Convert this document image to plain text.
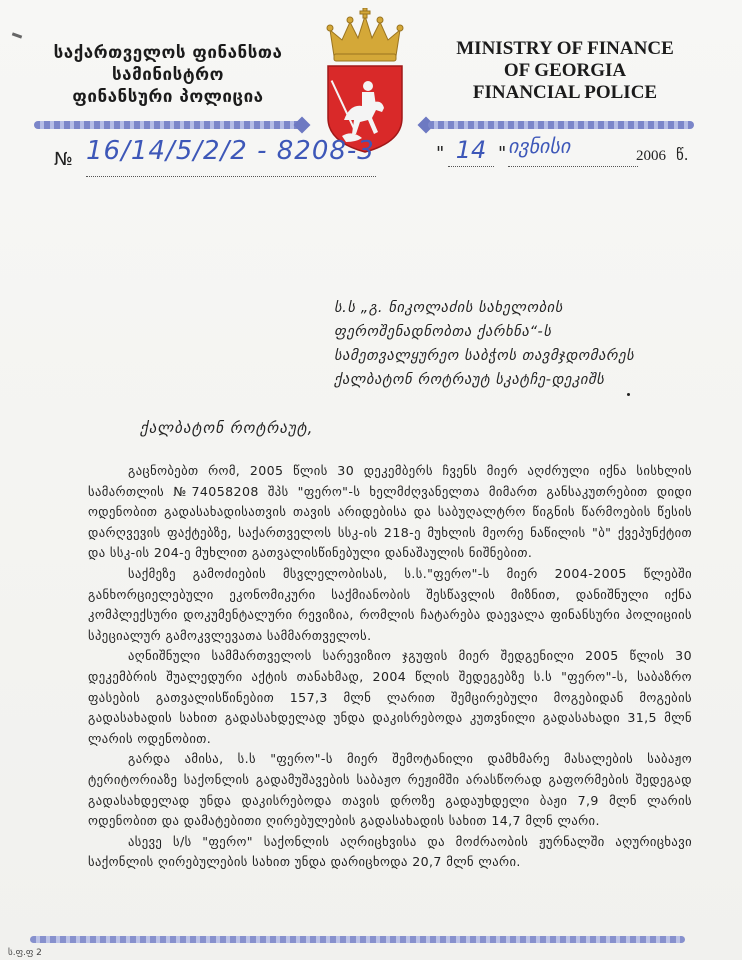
საქართველოს ფინანსთა
სამინისტრო
ფინანსური პოლიცია
MINISTRY OF FINANCE
OF GEORGIA
FINANCIAL POLICE
№ 16/14/5/2/2 - 8208-3	" 14 " ივნისი	2006 წ.
ს.ს „გ. ნიკოლაძის სახელობის
ფეროშენადნობთა ქარხნა“-ს
სამეთვალყურეო საბჭოს თავმჯდომარეს
ქალბატონ როტრაუტ სკატჩე-დეკიშს
ქალბატონ როტრაუტ,

გაცნობებთ რომ, 2005 წლის 30 დეკემბერს ჩვენს მიერ აღძრული იქნა სისხლის სამართლის №74058208 შპს "ფერო"-ს ხელმძღვანელთა მიმართ განსაკუთრებით დიდი ოდენობით გადასახადისათვის თავის არიდებისა და საბუღალტრო წიგნის წარმოების წესის დარღვევის ფაქტებზე, საქართველოს სსკ-ის 218-ე მუხლის მეორე ნაწილის "ბ" ქვეპუნქტით და სსკ-ის 204-ე მუხლით გათვალისწინებული დანაშაულის ნიშნებით.

საქმეზე გამოძიების მსვლელობისას, ს.ს."ფერო"-ს მიერ 2004-2005 წლებში განხორციელებული ეკონომიკური საქმიანობის შესწავლის მიზნით, დანიშნული იქნა კომპლექსური დოკუმენტალური რევიზია, რომლის ჩატარება დაევალა ფინანსური პოლიციის სპეციალურ გამოკვლევათა სამმართველოს.

აღნიშნული სამმართველოს სარევიზიო ჯგუფის მიერ შედგენილი 2005 წლის 30 დეკემბრის შუალედური აქტის თანახმად, 2004 წლის შედეგებზე ს.ს "ფერო"-ს, საბაზრო ფასების გათვალისწინებით 157,3 მლნ ლარით შემცირებული მოგებიდან მოგების გადასახადის სახით გადასახდელად უნდა დაკისრებოდა კუთვნილი გადასახადი 31,5 მლნ ლარის ოდენობით.

გარდა ამისა, ს.ს "ფერო"-ს მიერ შემოტანილი დამხმარე მასალების საბაჟო ტერიტორიაზე საქონლის გადამუშავების საბაჟო რეჟიმში არასწორად გაფორმების შედეგად გადასახდელად უნდა დაკისრებოდა თავის დროზე გადაუხდელი ბაჟი 7,9 მლნ ლარის ოდენობით და დამატებითი ღირებულების გადასახადის სახით 14,7 მლნ ლარი.

ასევე ს/ს "ფერო" საქონლის აღრიცხვისა და მოძრაობის ჟურნალში აღურიცხავი საქონლის ღირებულების სახით უნდა დარიცხოდა 20,7 მლნ ლარი.

ს.ფ.ფ 2
